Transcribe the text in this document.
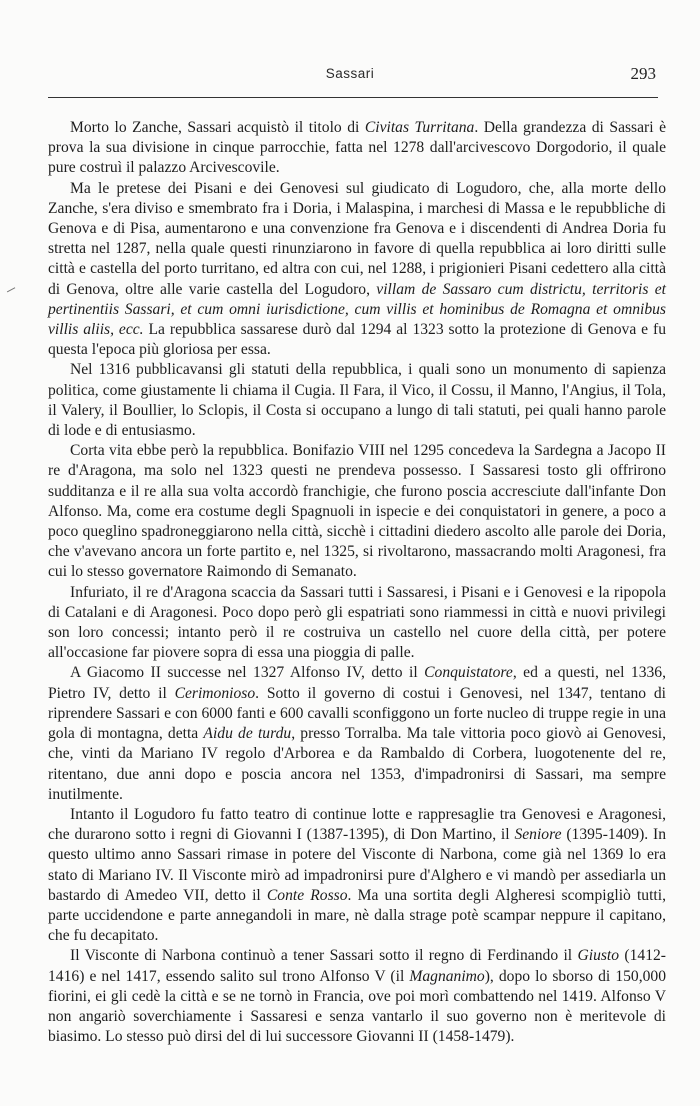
Sassari	293

Morto lo Zanche, Sassari acquistò il titolo di Civitas Turritana. Della grandezza di Sassari è prova la sua divisione in cinque parrocchie, fatta nel 1278 dall'arcivescovo Dorgodorio, il quale pure costruì il palazzo Arcivescovile.

Ma le pretese dei Pisani e dei Genovesi sul giudicato di Logudoro, che, alla morte dello Zanche, s'era diviso e smembrato fra i Doria, i Malaspina, i marchesi di Massa e le repubbliche di Genova e di Pisa, aumentarono e una convenzione fra Genova e i discendenti di Andrea Doria fu stretta nel 1287, nella quale questi rinunziarono in favore di quella repubblica ai loro diritti sulle città e castella del porto turritano, ed altra con cui, nel 1288, i prigionieri Pisani cedettero alla città di Genova, oltre alle varie castella del Logudoro, villam de Sassaro cum districtu, territoris et pertinentiis Sassari, et cum omni iurisdictione, cum villis et hominibus de Romagna et omnibus villis aliis, ecc. La repubblica sassarese durò dal 1294 al 1323 sotto la protezione di Genova e fu questa l'epoca più gloriosa per essa.

Nel 1316 pubblicavansi gli statuti della repubblica, i quali sono un monumento di sapienza politica, come giustamente li chiama il Cugia. Il Fara, il Vico, il Cossu, il Manno, l'Angius, il Tola, il Valery, il Boullier, lo Sclopis, il Costa si occupano a lungo di tali statuti, pei quali hanno parole di lode e di entusiasmo.

Corta vita ebbe però la repubblica. Bonifazio VIII nel 1295 concedeva la Sardegna a Jacopo II re d'Aragona, ma solo nel 1323 questi ne prendeva possesso. I Sassaresi tosto gli offrirono sudditanza e il re alla sua volta accordò franchigie, che furono poscia accresciute dall'infante Don Alfonso. Ma, come era costume degli Spagnuoli in ispecie e dei conquistatori in genere, a poco a poco queglino spadroneggiarono nella città, sicchè i cittadini diedero ascolto alle parole dei Doria, che v'avevano ancora un forte partito e, nel 1325, si rivoltarono, massacrando molti Aragonesi, fra cui lo stesso governatore Raimondo di Semanato.

Infuriato, il re d'Aragona scaccia da Sassari tutti i Sassaresi, i Pisani e i Genovesi e la ripopola di Catalani e di Aragonesi. Poco dopo però gli espatriati sono riammessi in città e nuovi privilegi son loro concessi; intanto però il re costruiva un castello nel cuore della città, per potere all'occasione far piovere sopra di essa una pioggia di palle.

A Giacomo II successe nel 1327 Alfonso IV, detto il Conquistatore, ed a questi, nel 1336, Pietro IV, detto il Cerimonioso. Sotto il governo di costui i Genovesi, nel 1347, tentano di riprendere Sassari e con 6000 fanti e 600 cavalli sconfiggono un forte nucleo di truppe regie in una gola di montagna, detta Aidu de turdu, presso Torralba. Ma tale vittoria poco giovò ai Genovesi, che, vinti da Mariano IV regolo d'Arborea e da Rambaldo di Corbera, luogotenente del re, ritentano, due anni dopo e poscia ancora nel 1353, d'impadronirsi di Sassari, ma sempre inutilmente.

Intanto il Logudoro fu fatto teatro di continue lotte e rappresaglie tra Genovesi e Aragonesi, che durarono sotto i regni di Giovanni I (1387-1395), di Don Martino, il Seniore (1395-1409). In questo ultimo anno Sassari rimase in potere del Visconte di Narbona, come già nel 1369 lo era stato di Mariano IV. Il Visconte mirò ad impadronirsi pure d'Alghero e vi mandò per assediarla un bastardo di Amedeo VII, detto il Conte Rosso. Ma una sortita degli Algheresi scompigliò tutti, parte uccidendone e parte annegandoli in mare, nè dalla strage potè scampar neppure il capitano, che fu decapitato.

Il Visconte di Narbona continuò a tener Sassari sotto il regno di Ferdinando il Giusto (1412-1416) e nel 1417, essendo salito sul trono Alfonso V (il Magnanimo), dopo lo sborso di 150,000 fiorini, ei gli cedè la città e se ne tornò in Francia, ove poi morì combattendo nel 1419. Alfonso V non angariò soverchiamente i Sassaresi e senza vantarlo il suo governo non è meritevole di biasimo. Lo stesso può dirsi del di lui successore Giovanni II (1458-1479).
